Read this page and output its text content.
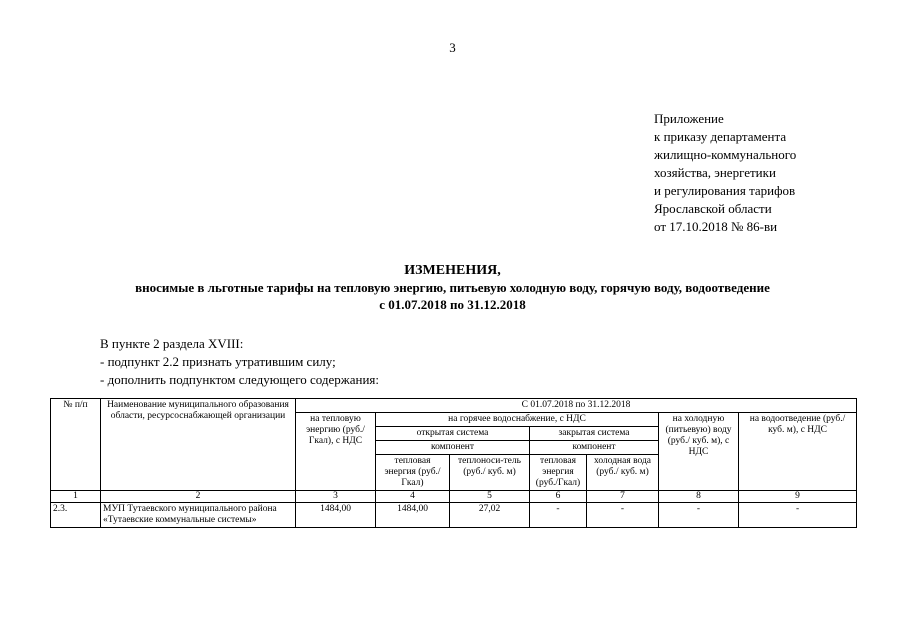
3
Приложение
к приказу департамента
жилищно-коммунального
хозяйства, энергетики
и регулирования тарифов
Ярославской области
от 17.10.2018 № 86-ви
ИЗМЕНЕНИЯ,
вносимые в льготные тарифы на тепловую энергию, питьевую холодную воду, горячую воду, водоотведение
с 01.07.2018 по 31.12.2018
В пункте 2 раздела XVIII:
- подпункт 2.2 признать утратившим силу;
- дополнить подпунктом следующего содержания:
№ п/п	Наименование муниципального образования области, ресурсоснабжающей организации	С 01.07.2018 по 31.12.2018						
		на тепловую энергию (руб./Гкал), с НДС	на горячее водоснабжение, с НДС				на холодную (питьевую) воду (руб./ куб. м), с НДС	на водоотведение (руб./ куб. м), с НДС
			открытая система		закрытая система			
			компонент		компонент			
			тепловая энергия (руб./Гкал)	теплоноси-тель (руб./ куб. м)	тепловая энергия (руб./Гкал)	холодная вода (руб./ куб. м)		
1	2	3	4	5	6	7	8	9
2.3.	МУП Тутаевского муниципального района «Тутаевские коммунальные системы»	1484,00	1484,00	27,02	-	-	-	-
